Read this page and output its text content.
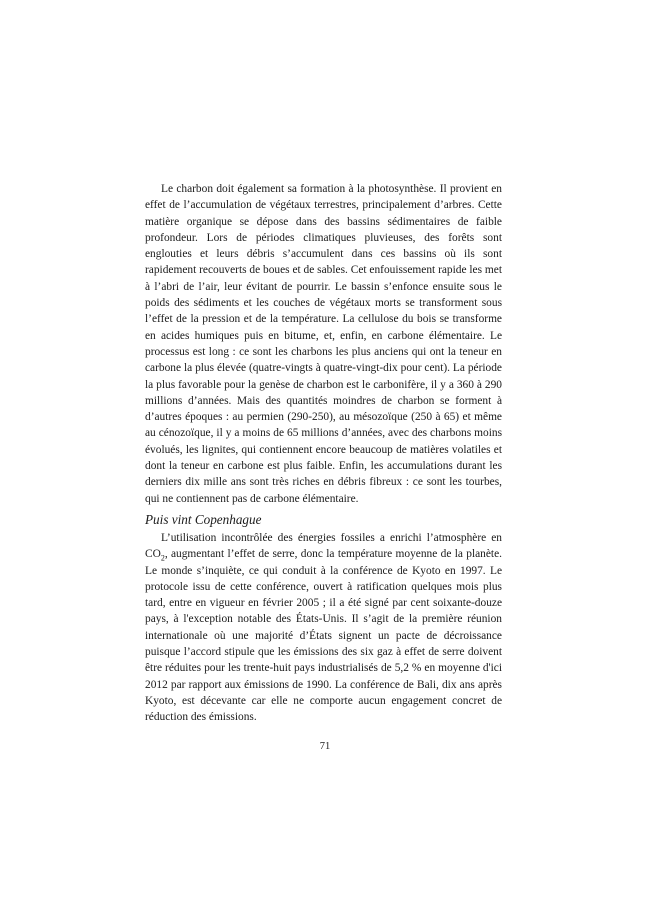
Le charbon doit également sa formation à la photosynthèse. Il provient en effet de l’accumulation de végétaux terrestres, principalement d’arbres. Cette matière organique se dépose dans des bassins sédimentaires de faible profondeur. Lors de périodes climatiques pluvieuses, des forêts sont englouties et leurs débris s’accumulent dans ces bassins où ils sont rapidement recouverts de boues et de sables. Cet enfouissement rapide les met à l’abri de l’air, leur évitant de pourrir. Le bassin s’enfonce ensuite sous le poids des sédiments et les couches de végétaux morts se transforment sous l’effet de la pression et de la température. La cellulose du bois se transforme en acides humiques puis en bitume, et, enfin, en carbone élémentaire. Le processus est long : ce sont les charbons les plus anciens qui ont la teneur en carbone la plus élevée (quatre-vingts à quatre-vingt-dix pour cent). La période la plus favorable pour la genèse de charbon est le carbonifère, il y a 360 à 290 millions d’années. Mais des quantités moindres de charbon se forment à d’autres époques : au permien (290-250), au mésozoïque (250 à 65) et même au cénozoïque, il y a moins de 65 millions d’années, avec des charbons moins évolués, les lignites, qui contiennent encore beaucoup de matières volatiles et dont la teneur en carbone est plus faible. Enfin, les accumulations durant les derniers dix mille ans sont très riches en débris fibreux : ce sont les tourbes, qui ne contiennent pas de carbone élémentaire.

Puis vint Copenhague

L’utilisation incontrôlée des énergies fossiles a enrichi l’atmosphère en $CO_2$, augmentant l’effet de serre, donc la température moyenne de la planète. Le monde s’inquiète, ce qui conduit à la conférence de Kyoto en 1997. Le protocole issu de cette conférence, ouvert à ratification quelques mois plus tard, entre en vigueur en février 2005 ; il a été signé par cent soixante-douze pays, à l'exception notable des États-Unis. Il s’agit de la première réunion internationale où une majorité d’États signent un pacte de décroissance puisque l’accord stipule que les émissions des six gaz à effet de serre doivent être réduites pour les trente-huit pays industrialisés de 5,2 % en moyenne d'ici 2012 par rapport aux émissions de 1990. La conférence de Bali, dix ans après Kyoto, est décevante car elle ne comporte aucun engagement concret de réduction des émissions.

71
